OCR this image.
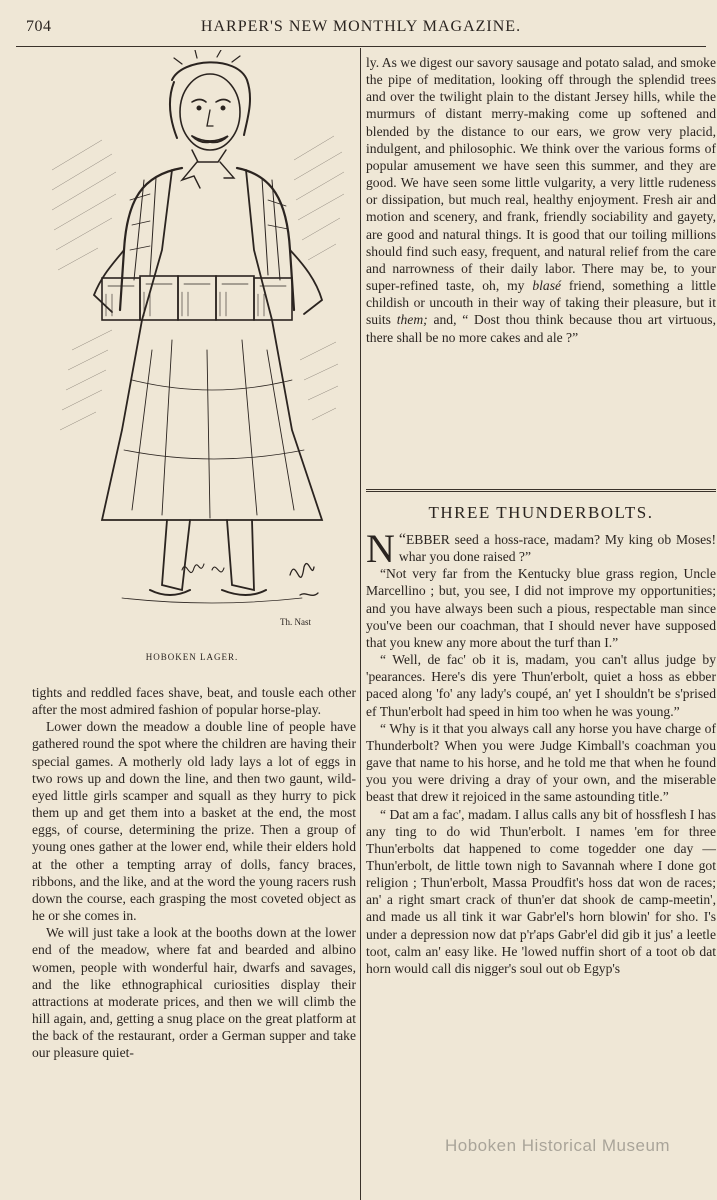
704	HARPER'S NEW MONTHLY MAGAZINE.
Th. Nast
HOBOKEN LAGER.

tights and reddled faces shave, beat, and tousle each other after the most admired fashion of popular horse-play.

Lower down the meadow a double line of people have gathered round the spot where the children are having their special games. A motherly old lady lays a lot of eggs in two rows up and down the line, and then two gaunt, wild-eyed little girls scamper and squall as they hurry to pick them up and get them into a basket at the end, the most eggs, of course, determining the prize. Then a group of young ones gather at the lower end, while their elders hold at the other a tempting array of dolls, fancy braces, ribbons, and the like, and at the word the young racers rush down the course, each grasping the most coveted object as he or she comes in.

We will just take a look at the booths down at the lower end of the meadow, where fat and bearded and albino women, people with wonderful hair, dwarfs and savages, and the like ethnographical curiosities display their attractions at moderate prices, and then we will climb the hill again, and, getting a snug place on the great platform at the back of the restaurant, order a German supper and take our pleasure quiet-

ly. As we digest our savory sausage and potato salad, and smoke the pipe of meditation, looking off through the splendid trees and over the twilight plain to the distant Jersey hills, while the murmurs of distant merry-making come up softened and blended by the distance to our ears, we grow very placid, indulgent, and philosophic. We think over the various forms of popular amusement we have seen this summer, and they are good. We have seen some little vulgarity, a very little rudeness or dissipation, but much real, healthy enjoyment. Fresh air and motion and scenery, and frank, friendly sociability and gayety, are good and natural things. It is good that our toiling millions should find such easy, frequent, and natural relief from the care and narrowness of their daily labor. There may be, to your super-refined taste, oh, my blasé friend, something a little childish or uncouth in their way of taking their pleasure, but it suits them; and, “ Dost thou think because thou art virtuous, there shall be no more cakes and ale ?”

THREE THUNDERBOLTS.

“
N EBBER seed a hoss-race, madam? My king ob Moses! whar you done raised ?”

“Not very far from the Kentucky blue grass region, Uncle Marcellino ; but, you see, I did not improve my opportunities; and you have always been such a pious, respectable man since you've been our coachman, that I should never have supposed that you knew any more about the turf than I.”

“ Well, de fac' ob it is, madam, you can't allus judge by 'pearances. Here's dis yere Thun'erbolt, quiet a hoss as ebber paced along 'fo' any lady's coupé, an' yet I shouldn't be s'prised ef Thun'erbolt had speed in him too when he was young.”

“ Why is it that you always call any horse you have charge of Thunderbolt? When you were Judge Kimball's coachman you gave that name to his horse, and he told me that when he found you you were driving a dray of your own, and the miserable beast that drew it rejoiced in the same astounding title.”

“ Dat am a fac', madam. I allus calls any bit of hossflesh I has any ting to do wid Thun'erbolt. I names 'em for three Thun'erbolts dat happened to come togedder one day —Thun'erbolt, de little town nigh to Savannah where I done got religion ; Thun'erbolt, Massa Proudfit's hoss dat won de races; an' a right smart crack of thun'er dat shook de camp-meetin', and made us all tink it war Gabr'el's horn blowin' for sho. I's under a depression now dat p'r'aps Gabr'el did gib it jus' a leetle toot, calm an' easy like. He 'lowed nuffin short of a toot ob dat horn would call dis nigger's soul out ob Egyp's

Hoboken Historical Museum
